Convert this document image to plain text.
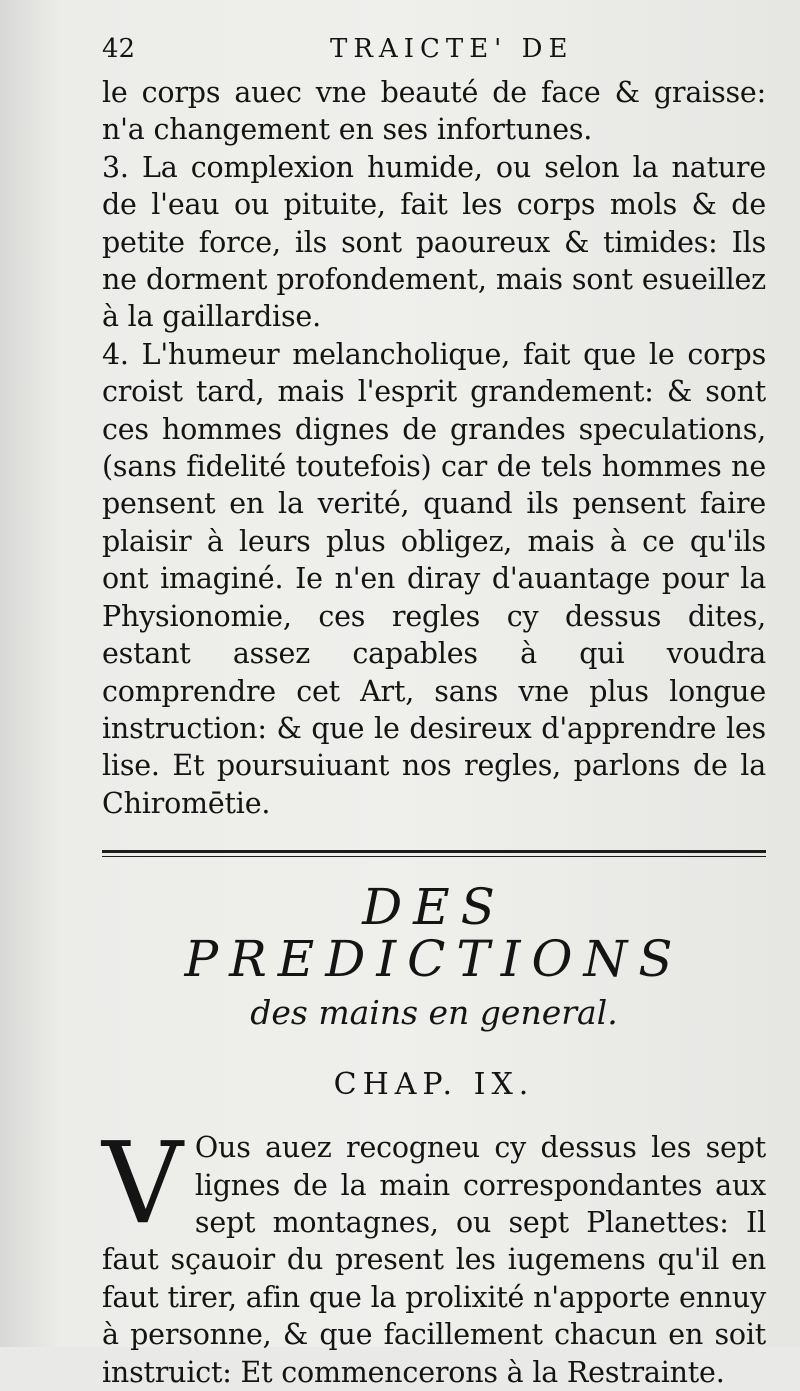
42	TRAICTE' DE

le corps auec vne beauté de face & graisse: n'a changement en ses infortunes.

3. La complexion humide, ou selon la nature de l'eau ou pituite, fait les corps mols & de petite force, ils sont paoureux & timides: Ils ne dorment profondement, mais sont esueillez à la gaillardise.

4. L'humeur melancholique, fait que le corps croist tard, mais l'esprit grandement: & sont ces hommes dignes de grandes speculations, (sans fidelité toutefois) car de tels hommes ne pensent en la verité, quand ils pensent faire plaisir à leurs plus obligez, mais à ce qu'ils ont imaginé. Ie n'en diray d'auantage pour la Physionomie, ces regles cy dessus dites, estant assez capables à qui voudra comprendre cet Art, sans vne plus longue instruction: & que le desireux d'apprendre les lise. Et poursuiuant nos regles, parlons de la Chiromētie.

DES PREDICTIONS
des mains en general.
CHAP. IX.
V Ous auez recogneu cy dessus les sept lignes de la main correspondantes aux sept montagnes, ou sept Planettes: Il faut sçauoir du present les iugemens qu'il en faut tirer, afin que la prolixité n'apporte ennuy à personne, & que facillement chacun en soit instruict: Et commencerons à la Restrainte.
